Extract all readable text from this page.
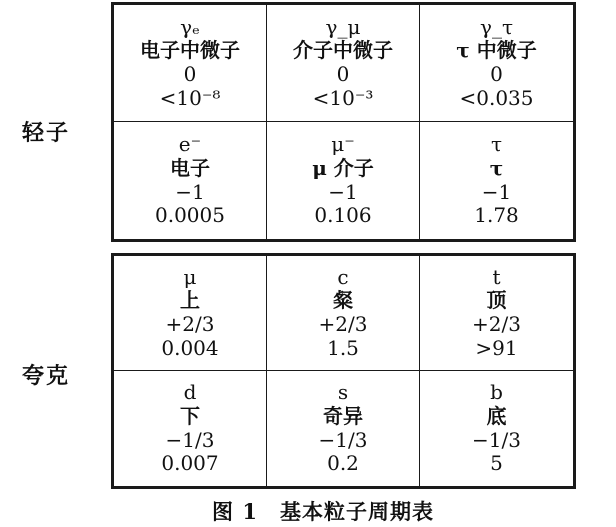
轻子
γₑ
电子中微子
0
<10⁻⁸
γ_μ
介子中微子
0
<10⁻³
γ_τ
τ 中微子
0
<0.035
e⁻
电子
−1
0.0005
μ⁻
μ 介子
−1
0.106
τ
τ
−1
1.78
夸克
μ
上
+2/3
0.004
c
粲
+2/3
1.5
t
顶
+2/3
>91
d
下
−1/3
0.007
s
奇异
−1/3
0.2
b
底
−1/3
5
图 1　基本粒子周期表
